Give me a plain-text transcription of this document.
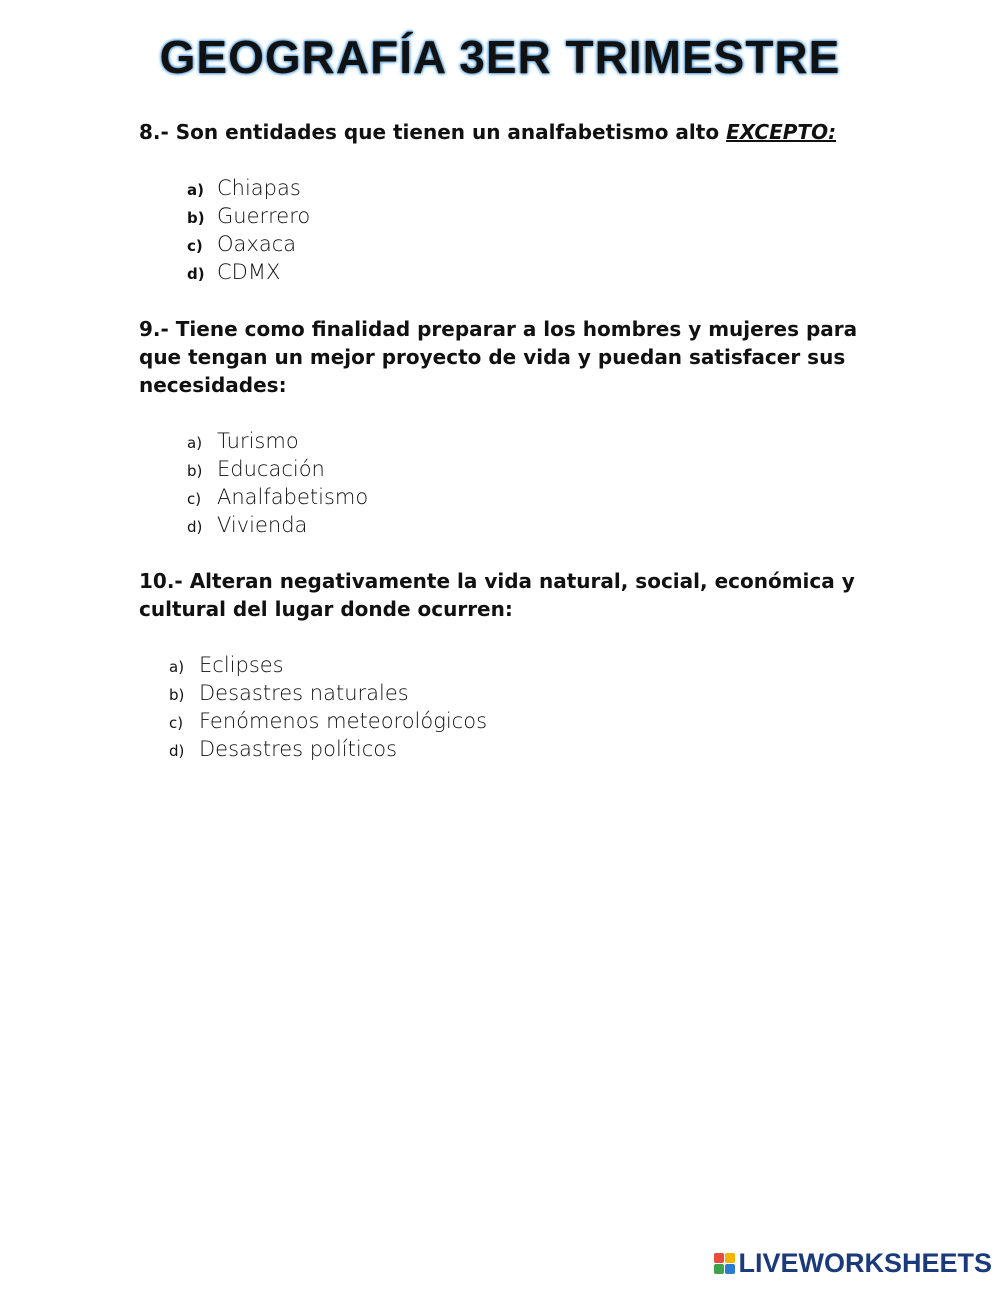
GEOGRAFÍA 3ER TRIMESTRE

8.- Son entidades que tienen un analfabetismo alto EXCEPTO:

a) Chiapas
b) Guerrero
c) Oaxaca
d) CDMX

9.- Tiene como finalidad preparar a los hombres y mujeres para que tengan un mejor proyecto de vida y puedan satisfacer sus necesidades:

a) Turismo
b) Educación
c) Analfabetismo
d) Vivienda

10.- Alteran negativamente la vida natural, social, económica y cultural del lugar donde ocurren:

a) Eclipses
b) Desastres naturales
c) Fenómenos meteorológicos
d) Desastres políticos
LIVEWORKSHEETS
